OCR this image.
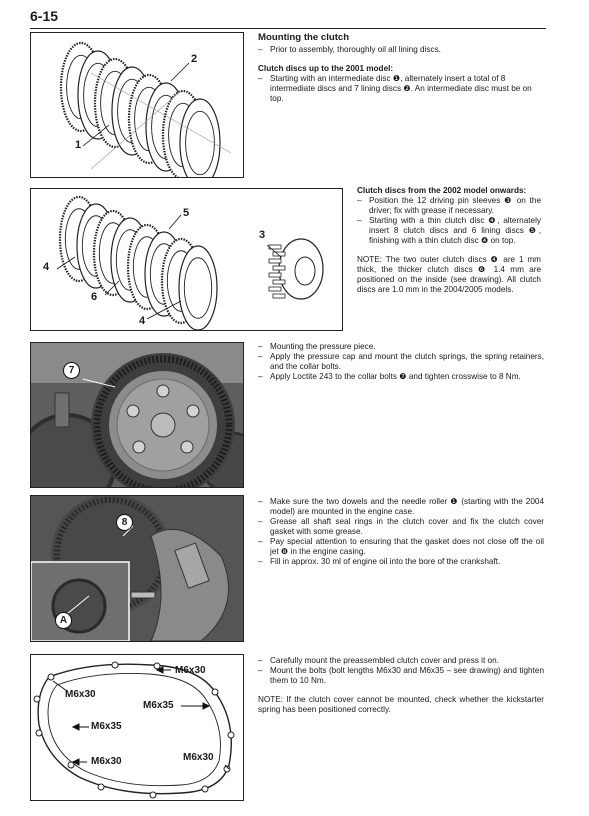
6-15
1
2
Mounting the clutch
– Prior to assembly, thoroughly oil all lining discs.
Clutch discs up to the 2001 model:
– Starting with an intermediate disc ❶, alternately insert a total of 8 intermediate discs and 7 lining discs ❷. An intermediate disc must be on top.
3
4
4
5
6
Clutch discs from the 2002 model onwards:
– Position the 12 driving pin sleeves ❸ on the driver; fix with grease if necessary.
– Starting with a thin clutch disc ❹, alternately insert 8 clutch discs and 6 lining discs ❺, finishing with a thin clutch disc ❹ on top.

NOTE: The two outer clutch discs ❹ are 1 mm thick, the thicker clutch discs ❻ 1.4 mm are positioned on the inside (see drawing). All clutch discs are 1.0 mm in the 2004/2005 models.

7
– Mounting the pressure piece.
– Apply the pressure cap and mount the clutch springs, the spring retainers, and the collar bolts.
– Apply Loctite 243 to the collar bolts ❼ and tighten crosswise to 8 Nm.
8
A
– Make sure the two dowels and the needle roller ❶ (starting with the 2004 model) are mounted in the engine case.
– Grease all shaft seal rings in the clutch cover and fix the clutch cover gasket with some grease.
– Pay special attention to ensuring that the gasket does not close off the oil jet ❽ in the engine casing.
– Fill in approx. 30 ml of engine oil into the bore of the crankshaft.
M6x30
M6x30
M6x35
M6x35
M6x30	M6x30
– Carefully mount the preassembled clutch cover and press it on.
– Mount the bolts (bolt lengths M6x30 and M6x35 – see drawing) and tighten them to 10 Nm.

NOTE: If the clutch cover cannot be mounted, check whether the kickstarter spring has been positioned correctly.
